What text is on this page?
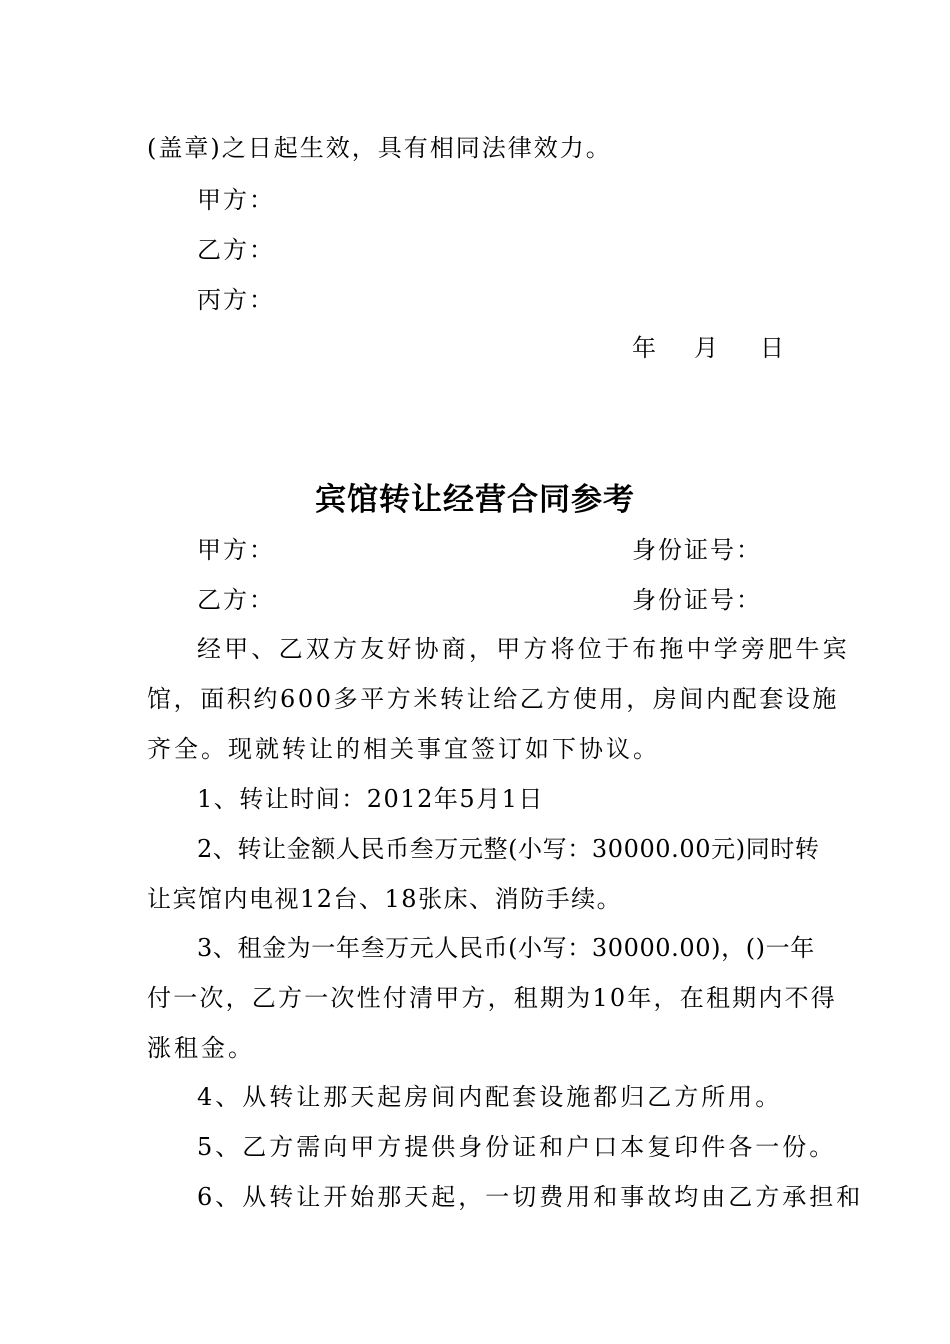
(盖章)之日起生效，具有相同法律效力。
甲方：
乙方：
丙方：
年 月 日
宾馆转让经营合同参考
甲方：	身份证号：
乙方：	身份证号：
经甲、乙双方友好协商，甲方将位于布拖中学旁肥牛宾
馆，面积约600多平方米转让给乙方使用，房间内配套设施
齐全。现就转让的相关事宜签订如下协议。
1、转让时间：2012年5月1日
2、转让金额人民币叁万元整(小写：30000.00元)同时转
让宾馆内电视12台、18张床、消防手续。
3、租金为一年叁万元人民币(小写：30000.00)，()一年
付一次，乙方一次性付清甲方，租期为10年，在租期内不得
涨租金。
4、从转让那天起房间内配套设施都归乙方所用。
5、乙方需向甲方提供身份证和户口本复印件各一份。
6、从转让开始那天起，一切费用和事故均由乙方承担和
